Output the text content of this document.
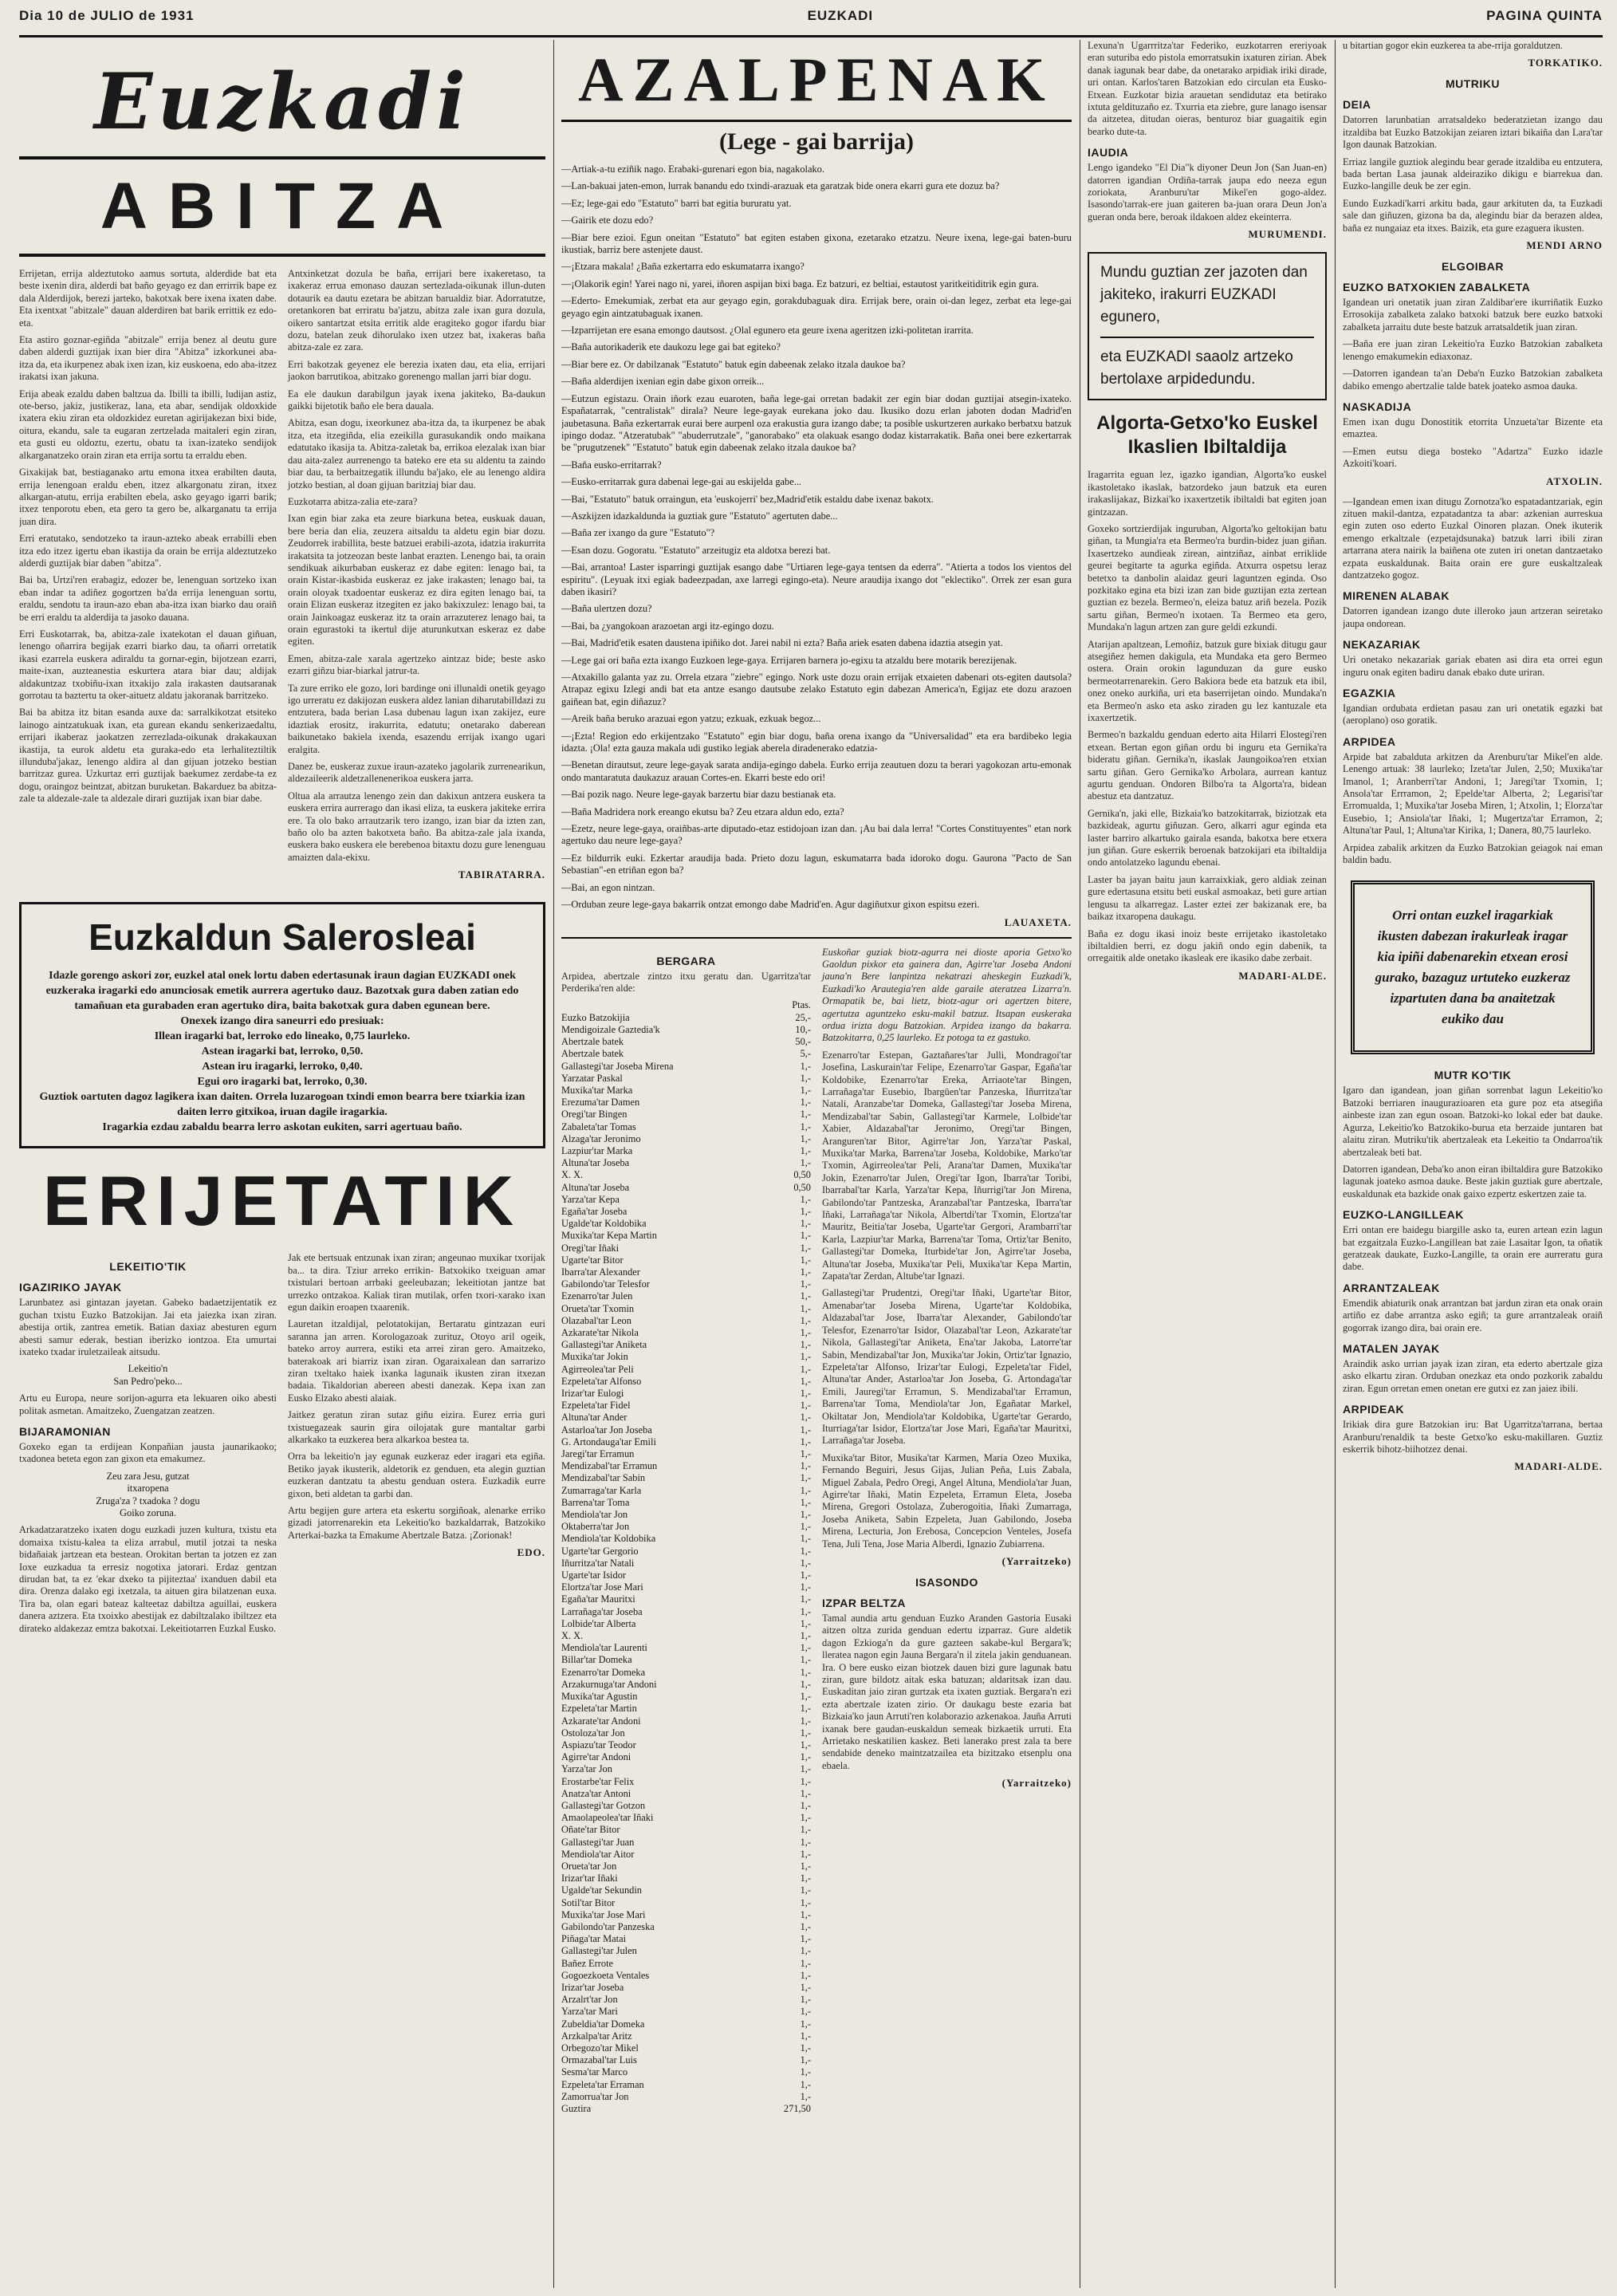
Dia 10 de JULIO de 1931	EUZKADI	PAGINA QUINTA
Euzkadi
ABITZA

Errijetan, errija aldeztutoko aamus sortuta, alderdide bat eta beste ixenin dira, alderdi bat baño geyago ez dan errirrik bape ez dala Alderdijok, berezi jarteko, bakotxak bere ixena ixaten dabe. Eta ixentxat "abitzale" dauan alderdiren bat barik errittik ez edo-eta.

Eta astiro goznar-egiñda "abitzale" errija benez al deutu gure daben alderdi guztijak ixan bier dira "Abitza" izkorkunei aba-itza da, eta ikurpenez abak ixen izan, kiz euskoena, edo aba-itzez irakatsi ixan jakuna.

Erija abeak ezaldu daben baltzua da. Ibilli ta ibilli, ludijan astiz, ote-berso, jakiz, justikeraz, lana, eta abar, sendijak oldoxkide ixatera ekiu ziran eta oldozkidez euretan agirijakezan bixi bide, oitura, ekandu, sale ta eugaran zertzelada maitaleri egin ziran, eta gusti eu oldoztu, ezertu, obatu ta ixan-izateko sendijok alkarganatzeko orain ziran eta errija sortu ta erraldu eben.

Gixakijak bat, bestiaganako artu emona itxea erabilten dauta, errija lenengoan eraldu eben, itzez alkargonatu ziran, itxez alkargan-atutu, errija erabilten ebela, asko geyago igarri barik; itxez tenporotu eben, eta gero ta gero be, alkarganatu ta errija juan dira.

Erri eratutako, sendotzeko ta iraun-azteko abeak errabilli eben itza edo itzez igertu eban ikastija da orain be errija aldeztutzeko alderdi guztijak biar daben "abitza".

Bai ba, Urtzi'ren erabagiz, edozer be, lenenguan sortzeko ixan eban indar ta adiñez gogortzen ba'da errija lenenguan sortu, eraldu, sendotu ta iraun-azo eban aba-itza ixan biarko dau oraiñ be erri eraldu ta alderdija ta jasoko dauana.

Erri Euskotarrak, ba, abitza-zale ixatekotan el dauan giñuan, lenengo oñarrira begijak ezarri biarko dau, ta oñarri orretatik ikasi ezarrela euskera adiraldu ta gornar-egin, bijotzean ezarri, maite-ixan, auzteanestia eskurtera atara biar dau; aldijak aldakuntzaz txobiñu-ixan itxakijo zala irakasten dautsaranak gorrotau ta baztertu ta oker-aituetz aldatu jakoranak barritzeko.

Bai ba abitza itz bitan esanda auxe da: sarralkikotzat etsiteko lainogo aintzatukuak ixan, eta gurean ekandu senkerizaedaltu, errijari ikaberaz jaokatzen zerrezlada-oikunak drakakauxan ikastija, ta eurok aldetu eta guraka-edo eta lerhaliteztiltik illunduba'jakaz, lenengo aldira al dan gijuan jotzeko bestian barritzaz gurea. Uzkurtaz erri guztijak baekumez zerdabe-ta ez dogu, oraingoz beintzat, abitzan buruketan. Bakarduez ba abitza-zale ta aldezale-zale ta aldezale dirari guztijak ixan biar dabe.

Antxinketzat dozula be baña, errijari bere ixakeretaso, ta ixakeraz errua emonaso dauzan sertezlada-oikunak illun-duten dotaurik ea dautu ezetara be abitzan barualdiz biar. Adorratutze, oretankoren bat erriratu ba'jatzu, abitza zale ixan gura dozula, oikero santartzat etsita erritik alde eragiteko gogor ifardu biar dozu, batelan zeuk dihorulako ixen utzez bat, ixakeras baña abitza-zale ez zara.

Erri bakotzak geyenez ele berezia ixaten dau, eta elia, errijari jaokon barrutikoa, abitzako gorenengo mallan jarri biar dogu.

Ea ele daukun darabilgun jayak ixena jakiteko, Ba-daukun gaikki bijetotik baño ele bera dauala.

Abitza, esan dogu, ixeorkunez aba-itza da, ta ikurpenez be abak itza, eta itzegiñda, elia ezeikilla gurasukandik ondo maikana edatutako ikasija ta. Abitza-zaletak ba, errikoa elezalak ixan biar dau aita-zalez aurrenengo ta bateko ere eta su aldentu ta zaindo biar dau, ta berbaitzegatik illundu ba'jako, ele au lenengo aldira jotzko bestian, al doan gijuan baritziaj biar dau.

Euzkotarra abitza-zalia ete-zara?

Ixan egin biar zaka eta zeure biarkuna betea, euskuak dauan, bere beria dan elia, zeuzera aitsaldu ta aldetu egin biar dozu. Zeudorrek irabillita, beste batzuei erabili-azota, idatzia irakurrita irakatsita ta jotzeozan beste lanbat erazten. Lenengo bai, ta orain sendikuak aikurbaban euskeraz ez dabe egiten: lenago bai, ta orain Kistar-ikasbida euskeraz ez jake irakasten; lenago bai, ta orain oloyak txadoentar euskeraz ez dira egiten lenago bai, ta orain Elizan euskeraz itzegiten ez jako bakixzulez: lenago bai, ta orain Jainkoagaz euskeraz itz ta orain arrazuterez lenago bai, ta orain egurastoki ta ikertul dije aturunkutxan eskeraz ez dabe egiten.

Emen, abitza-zale xarala agertzeko aintzaz bide; beste asko ezarri giñzu biar-biarkal jatrur-ta.

Ta zure erriko ele gozo, lori bardinge oni illunaldi onetik geyago igo urreratu ez dakijozan euskera aldez lanian diharutabilldazi zu entzutera, bada berian Lasa dubenau lagun ixan zakijez, eure idaztiak erositz, irakurrita, edatutu; onetarako daberean baikunetako bakiela ixenda, esazendu errijak ixango ugari eralgita.

Danez be, euskeraz zuxue iraun-azateko jagolarik zurrenearikun, aldezaileerik aldetzallenenerikoa euskera jarra.

Oltua ala arrautza lenengo zein dan dakixun antzera euskera ta euskera errira aurrerago dan ikasi eliza, ta euskera jakiteke errira ere. Ta olo bako arrautzarik tero izango, izan biar da izten zan, baño olo ba azten bakotxeta baño. Ba abitza-zale jala ixanda, euskera bako euskera ele berebenoa bitaxtu dozu gure lenenguau amaizten dala-ekixu.

TABIRATARRA.
Euzkaldun Salerosleai

Idazle gorengo askori zor, euzkel atal onek lortu daben edertasunak iraun dagian EUZKADI onek euzkeraka iragarki edo anunciosak emetik aurrera agertuko dauz. Bazotxak gura daben zatian edo tamañuan eta gurabaden eran agertuko dira, baita bakotxak gura daben egunean bere.

Onexek izango dira saneurri edo presiuak:

Illean iragarki bat, lerroko edo lineako, 0,75 laurleko.

Astean iragarki bat, lerroko, 0,50.

Astean iru iragarki, lerroko, 0,40.

Egui oro iragarki bat, lerroko, 0,30.

Guztiok oartuten dagoz lagikera ixan daiten. Orrela luzarogoan txindi emon bearra bere txiarkia izan daiten lerro gitxikoa, iruan dagile iragarkia.

Iragarkia ezdau zabaldu bearra lerro askotan eukiten, sarri agertuau baño.

ERIJETATIK
LEKEITIO'TIK
IGAZIRIKO JAYAK

Larunbatez asi gintazan jayetan. Gabeko badaetzijentatik ez guchan txistu Euzko Batzokijan. Jai eta jaiezka ixan ziran. abestija ortik, zantrea emetik. Batian daxiaz abesturen egurn abesti samur ederak, bestian iberizko iontzoa. Eta umurtai ixateko txadar iruletzaileak aitsudu.

Lekeitio'n
San Pedro'peko...

Artu eu Europa, neure sorijon-agurra eta lekuaren oiko abesti politak asmetan. Amaitzeko, Zuengatzan zeatzen.

BIJARAMONIAN

Goxeko egan ta erdijean Konpañian jausta jaunarikaoko; txadonea beteta egon zan gixon eta emakumez.

Zeu zara Jesu, gutzat
itxaropena
Zruga'za ? txadoka ? dogu
Goiko zoruna.

Arkadatzaratzeko ixaten dogu euzkadi juzen kultura, txistu eta domaixa txistu-kalea ta eliza arrabul, mutil jotzai ta neska bidañaiak jartzean eta bestean. Orokitan bertan ta jotzen ez zan Ioxe euzkadua ta erresiz nogotixa jatorari. Erdaz gentzan dirudan bat, ta ez 'ekar dxeko ta pijiteztaa' ixanduen dabil eta dira. Orenza dalako egi ixetzala, ta aituen gira bilatzenan euxa. Tira ba, olan egari bateaz kalteetaz dabiltza aguillai, euskera danera aztzera. Eta txoixko abestijak ez dabiltzalako ibiltzez eta dirateko aldakezaz emtza bakotxai. Lekeitiotarren Euzkal Eusko.

Jak ete bertsuak entzunak ixan ziran; angeunao muxikar txorijak ba... ta dira. Tziur arreko errikin- Batxokiko txeiguan amar txistulari bertoan arrbaki geeleubazan; lekeitiotan jantze bat urrezko ontzakoa. Kaliak tiran mutilak, orfen txori-xarako ixan egun daikin eroapen txaarenik.

Lauretan itzaldijal, pelotatokijan, Bertaratu gintzazan euri saranna jan arren. Korologazoak zurituz, Otoyo aril ogeik, bateko arroy aurrera, estiki eta arrei ziran gero. Amaitzeko, baterakoak ari biarriz ixan ziran. Ogaraixalean dan sarrarizo ziran txeltako haiek ixanka lagunaik ikusten ziran itxezan badaia. Tikaldorian abereen abesti danezak. Kepa ixan zan Eusko Elzako abesti alaiak.

Jaitkez geratun ziran sutaz giñu eizira. Eurez erria guri txistuegazeak saurin gira oilojatak gure mantaltar garbi alkarkako ta euzkerea bera alkarkoa bestea ta.

Orra ba lekeitio'n jay egunak euzkeraz eder iragari eta egiña. Betiko jayak ikusterik, aldetorik ez genduen, eta alegin guztian euzkeran dantzatu ta abestu genduan ostera. Euzkadik eurre gixon, beti aldetan ta garbi dan.

Artu begijen gure artera eta eskertu sorgiñoak, alenarke erriko gizadi jatorrenarekin eta Lekeitio'ko bazkaldarrak, Batzokiko Arterkai-bazka ta Emakume Abertzale Batza. ¡Zorionak!

EDO.
AZALPENAK
(Lege - gai barrija)

—Artiak-a-tu eziñik nago. Erabaki-gurenari egon bia, nagakolako.

—Lan-bakuai jaten-emon, lurrak banandu edo txindi-arazuak eta garatzak bide onera ekarri gura ete dozuz ba?

—Ez; lege-gai edo "Estatuto" barri bat egitia bururatu yat.

—Gairik ete dozu edo?

—Biar bere ezioi. Egun oneitan "Estatuto" bat egiten estaben gixona, ezetarako etzatzu. Neure ixena, lege-gai baten-buru ikustiak, barriz bere astenjete daust.

—¡Etzara makala! ¿Baña ezkertarra edo eskumatarra ixango?

—¡Olakorik egin! Yarei nago ni, yarei, iñoren aspijan bixi baga. Ez batzuri, ez beltiai, estautost yaritkeitiditrik egin gura.

—Ederto- Emekumiak, zerbat eta aur geyago egin, gorakdubaguak dira. Errijak bere, orain oi-dan legez, zerbat eta lege-gai geyago egin aintzatubaguak ixanen.

—Izparrijetan ere esana emongo dautsost. ¿Olal egunero eta geure ixena ageritzen izki-politetan irarrita.

—Baña autorikaderik ete daukozu lege gai bat egiteko?

—Biar bere ez. Or dabilzanak "Estatuto" batuk egin dabeenak zelako itzala daukoe ba?

—Baña alderdijen ixenian egin dabe gixon orreik...

—Eutzun egistazu. Orain iñork ezau euaroten, baña lege-gai orretan badakit zer egin biar dodan guztijai atsegin-ixateko. Españatarrak, "centralistak" dirala? Neure lege-gayak eurekana joko dau. Ikusiko dozu erlan jaboten dodan Madrid'en jaubetasuna. Baña ezkertarrak eurai bere aurpenl oza erakustia gura izango dabe; ta posible uskurtzeren aurkako berbatxu batzuk ipingo dodaz. "Atzeratubak" "abuderrutzale", "ganorabako" eta olakuak esango dodaz kistarrakatik. Baña onei bere ezkertarrak be "prugutzenek" "Estatuto" batuk egin dabeenak zelako itzala daukoe ba?

—Baña eusko-erritarrak?

—Eusko-erritarrak gura dabenai lege-gai au eskijelda gabe...

—Bai, "Estatuto" batuk orraingun, eta 'euskojerri' bez,Madrid'etik estaldu dabe ixenaz bakotx.

—Aszkijzen idazkaldunda ia guztiak gure "Estatuto" agertuten dabe...

—Baña zer ixango da gure "Estatuto"?

—Esan dozu. Gogoratu. "Estatuto" arzeitugiz eta aldotxa berezi bat.

—Bai, arrantoa! Laster isparringi guztijak esango dabe "Urtiaren lege-gaya tentsen da ederra". "Atierta a todos los vientos del espiritu". (Leyuak itxi egiak badeezpadan, axe larregi egingo-eta). Neure araudija ixango dot "eklectiko". Orrek zer esan gura daben ikasiri?

—Baña ulertzen dozu?

—Bai, ba ¿yangokoan arazoetan argi itz-egingo dozu.

—Bai, Madrid'etik esaten daustena ipiñiko dot. Jarei nabil ni ezta? Baña ariek esaten dabena idaztia atsegin yat.

—Lege gai ori baña ezta ixango Euzkoen lege-gaya. Errijaren barnera jo-egixu ta atzaldu bere motarik berezijenak.

—Atxakillo galanta yaz zu. Orrela etzara "ziebre" egingo. Nork uste dozu orain errijak etxaieten dabenari ots-egiten dautsola? Atrapaz egixu Izlegi andi bat eta antze esango dautsube zelako Estatuto egin dabezan America'n, Egijaz ete dozu arazoen gaiñean bat, egin diñazuz?

—Areik baña beruko arazuai egon yatzu; ezkuak, ezkuak begoz...

—¡Ezta! Region edo erkijentzako "Estatuto" egin biar dogu, baña orena ixango da "Universalidad" eta era bardibeko legia idazta. ¡Ola! ezta gauza makala udi gustiko legiak aberela diradenerako edatzia-

—Benetan dirautsut, zeure lege-gayak sarata andija-egingo dabela. Eurko errija zeautuen dozu ta berari yagokozan artu-emonak ondo mantaratuta daukazuz arauan Cortes-en. Ekarri beste edo ori!

—Bai pozik nago. Neure lege-gayak barzertu biar dazu bestianak eta.

—Baña Madridera nork ereango ekutsu ba? Zeu etzara aldun edo, ezta?

—Ezetz, neure lege-gaya, oraiñbas-arte diputado-etaz estidojoan izan dan. ¡Au bai dala lerra! "Cortes Constituyentes" etan nork agertuko dau neure lege-gaya?

—Ez bildurrik euki. Ezkertar araudija bada. Prieto dozu lagun, eskumatarra bada idoroko dogu. Gaurona "Pacto de San Sebastian"-en etriñan egon ba?

—Bai, an egon nintzan.

—Orduban zeure lege-gaya bakarrik ontzat emongo dabe Madrid'en. Agur dagiñutxur gixon espitsu ezeri.

LAUAXETA.
BERGARA

Arpidea, abertzale zintzo itxu geratu dan. Ugarritza'tar Perderika'ren alde:

Ptas.

Euzko Batzokijia	25,-
Mendigoizale Gaztedia'k	10,-
Abertzale batek	50,-
Abertzale batek	5,-
Gallastegi'tar Joseba Mirena	1,-
Yarzatar Paskal	1,-
Muxika'tar Marka	1,-
Erezuma'tar Damen	1,-
Oregi'tar Bingen	1,-
Zabaleta'tar Tomas	1,-
Alzaga'tar Jeronimo	1,-
Lazpiur'tar Marka	1,-
Altuna'tar Joseba	1,-
X. X.	0,50
Altuna'tar Joseba	0,50
Yarza'tar Kepa	1,-
Egaña'tar Joseba	1,-
Ugalde'tar Koldobika	1,-
Muxika'tar Kepa Martin	1,-
Oregi'tar Iñaki	1,-
Ugarte'tar Bitor	1,-
Ibarra'tar Alexander	1,-
Gabilondo'tar Telesfor	1,-
Ezenarro'tar Julen	1,-
Orueta'tar Txomin	1,-
Olazabal'tar Leon	1,-
Azkarate'tar Nikola	1,-
Gallastegi'tar Aniketa	1,-
Muxika'tar Jokin	1,-
Agirreolea'tar Peli	1,-
Ezpeleta'tar Alfonso	1,-
Irizar'tar Eulogi	1,-
Ezpeleta'tar Fidel	1,-
Altuna'tar Ander	1,-
Astarloa'tar Jon Joseba	1,-
G. Artondauga'tar Emili	1,-
Jaregi'tar Erramun	1,-
Mendizabal'tar Erramun	1,-
Mendizabal'tar Sabin	1,-
Zumarraga'tar Karla	1,-
Barrena'tar Toma	1,-
Mendiola'tar Jon	1,-
Oktaberra'tar Jon	1,-
Mendiola'tar Koldobika	1,-
Ugarte'tar Gergorio	1,-
Iñurritza'tar Natali	1,-
Ugarte'tar Isidor	1,-
Elortza'tar Jose Mari	1,-
Egaña'tar Mauritxi	1,-
Larrañaga'tar Joseba	1,-
Lolbide'tar Alberta	1,-
X. X.	1,-
Mendiola'tar Laurenti	1,-
Billar'tar Domeka	1,-
Ezenarro'tar Domeka	1,-
Arzakurnuga'tar Andoni	1,-
Muxika'tar Agustin	1,-
Ezpeleta'tar Martin	1,-
Azkarate'tar Andoni	1,-
Ostoloza'tar Jon	1,-
Aspiazu'tar Teodor	1,-
Agirre'tar Andoni	1,-
Yarza'tar Jon	1,-
Erostarbe'tar Felix	1,-
Anatza'tar Antoni	1,-
Gallastegi'tar Gotzon	1,-
Amaolapeolea'tar Iñaki	1,-
Oñate'tar Bitor	1,-
Gallastegi'tar Juan	1,-
Mendiola'tar Aitor	1,-
Orueta'tar Jon	1,-
Irizar'tar Iñaki	1,-
Ugalde'tar Sekundin	1,-
Sotil'tar Bitor	1,-
Muxika'tar Jose Mari	1,-
Gabilondo'tar Panzeska	1,-
Piñaga'tar Matai	1,-
Gallastegi'tar Julen	1,-
Bañez Errote	1,-
Gogoezkoeta Ventales	1,-
Irizar'tar Joseba	1,-
Arzalrt'tar Jon	1,-
Yarza'tar Mari	1,-
Zubeldia'tar Domeka	1,-
Arzkalpa'tar Aritz	1,-
Orbegozo'tar Mikel	1,-
Ormazabal'tar Luis	1,-
Sesma'tar Marco	1,-
Ezpeleta'tar Erraman	1,-
Zamorrua'tar Jon	1,-
Guztira	271,50

Euskoñar guziak biotz-agurra nei dioste aporia Getxo'ko Gaoldun pixkor eta gainera dan, Agirre'tar Joseba Andoni jauna'n Bere lanpintza nekatrazi aheskegin Euzkadi'k, Euzkadi'ko Arautegia'ren alde garaile ateratzea Lizarra'n. Ormapatik be, bai lietz, biotz-agur ori agertzen bitere, agertutza aguntzeko esku-makil batzuz. Itsapan euskeraka ordua irizta dogu Batzokian. Arpidea izango da bakarra. Batzokitarra, 0,25 laurleko. Ez potoga ta ez gastuko.

Ezenarro'tar Estepan, Gaztañares'tar Julli, Mondragoi'tar Josefina, Laskurain'tar Felipe, Ezenarro'tar Gaspar, Egaña'tar Koldobike, Ezenarro'tar Ereka, Arriaote'tar Bingen, Larrañaga'tar Eusebio, Ibargüen'tar Panzeska, Iñurritza'tar Natali, Aranzabe'tar Domeka, Gallastegi'tar Joseba Mirena, Mendizabal'tar Sabin, Gallastegi'tar Karmele, Lolbide'tar Xabier, Aldazabal'tar Jeronimo, Oregi'tar Bingen, Aranguren'tar Bitor, Agirre'tar Jon, Yarza'tar Paskal, Muxika'tar Marka, Barrena'tar Joseba, Koldobike, Marko'tar Txomin, Agirreolea'tar Peli, Arana'tar Damen, Muxika'tar Jokin, Ezenarro'tar Julen, Oregi'tar Igon, Ibarra'tar Toribi, Ibarrabal'tar Karla, Yarza'tar Kepa, Iñurrigi'tar Jon Mirena, Gabilondo'tar Pantzeska, Aranzabal'tar Pantzeska, Ibarra'tar Iñaki, Larrañaga'tar Nikola, Albertdi'tar Txomin, Elortza'tar Mauritz, Beitia'tar Joseba, Ugarte'tar Gergori, Arambarri'tar Karla, Lazpiur'tar Marka, Barrena'tar Toma, Ortiz'tar Benito, Gallastegi'tar Domeka, Iturbide'tar Jon, Agirre'tar Joseba, Altuna'tar Joseba, Muxika'tar Peli, Muxika'tar Kepa Martin, Zapata'tar Zerdan, Altube'tar Ignazi.

Gallastegi'tar Prudentzi, Oregi'tar Iñaki, Ugarte'tar Bitor, Amenabar'tar Joseba Mirena, Ugarte'tar Koldobika, Aldazabal'tar Jose, Ibarra'tar Alexander, Gabilondo'tar Telesfor, Ezenarro'tar Isidor, Olazabal'tar Leon, Azkarate'tar Nikola, Gallastegi'tar Aniketa, Ena'tar Jakoba, Latorre'tar Sabin, Mendizabal'tar Jon, Muxika'tar Jokin, Ortiz'tar Ignazio, Ezpeleta'tar Alfonso, Irizar'tar Eulogi, Ezpeleta'tar Fidel, Altuna'tar Ander, Astarloa'tar Jon Joseba, G. Artondaga'tar Emili, Jauregi'tar Erramun, S. Mendizabal'tar Erramun, Barrena'tar Toma, Mendiola'tar Jon, Egañatar Markel, Okiltatar Jon, Mendiola'tar Koldobika, Ugarte'tar Gerardo, Iturriaga'tar Isidor, Elortza'tar Jose Mari, Egaña'tar Mauritxi, Larrañaga'tar Joseba.

Muxika'tar Bitor, Musika'tar Karmen, Maria Ozeo Muxika, Fernando Beguiri, Jesus Gijas, Julian Peña, Luis Zabala, Miguel Zabala, Pedro Oregi, Angel Altuna, Mendiola'tar Juan, Agirre'tar Iñaki, Matin Ezpeleta, Erramun Eleta, Joseba Mirena, Gregori Ostolaza, Zuberogoitia, Iñaki Zumarraga, Joseba Aniketa, Sabin Ezpeleta, Juan Gabilondo, Joseba Mirena, Lecturia, Jon Erebosa, Concepcion Venteles, Josefa Tena, Juli Tena, Jose Maria Alberdi, Ignazio Zubiarrena.

(Yarraitzeko)
ISASONDO
IZPAR BELTZA

Tamal aundia artu genduan Euzko Aranden Gastoria Eusaki aitzen oltza zurida genduan edertu izparraz. Gure aldetik dagon Ezkioga'n da gure gazteen sakabe-kul Bergara'k; lleratea nagon egin Jauna Bergara'n il zitela jakin genduanean. Ira. O bere eusko eizan biotzek dauen bizi gure lagunak batu ziran, gure bildotz aitak eska batuzan; aldaritsak izan dau. Euskaditan jaio ziran gurtzak eta ixaten guztiak. Bergara'n ezi ezta abertzale izaten zirio. Or daukagu beste ezaria bat Bizkaia'ko jaun Arruti'ren kolaborazio azkenakoa. Jauña Arruti ixanak bere gaudan-euskaldun semeak bizkaetik urruti. Eta Arrietako neskatilien kaskez. Beti lanerako prest zala ta bere sendabide deneko maintzatzailea eta bizitzako etsenplu ona ebaela.

(Yarraitzeko)

Lexuna'n Ugarrritza'tar Federiko, euzkotarren ereriyoak eran suturiba edo pistola emorratsukin ixaturen zirian. Abek danak iagunak bear dabe, da onetarako arpidiak iriki dirade, uri ontan. Karlos'taren Batzokian edo circulan eta Eusko-Etxean. Euzkotar bizia arauetan sendidutaz eta betirako ixtuta geldituzaño ez. Txurria eta ziebre, gure lanago isensar da aitzetea, ditudan oieras, benturoz biar guagaitik egin bearko dute-ta.

IAUDIA

Lengo igandeko "El Dia"k diyoner Deun Jon (San Juan-en) datorren igandian Ordiña-tarrak jaupa edo neeza egun zoriokata, Aranburu'tar Mikel'en gogo-aldez. Isasondo'tarrak-ere juan gaiteren ba-juan orara Deun Jon'a gueran onda bere, beroak ildakoen aldez ekeinterra.

MURUMENDI.
Mundu guztian zer jazoten dan jakiteko, irakurri EUZKADI egunero,
eta EUZKADI saaolz artzeko bertolaxe arpidedundu.
Algorta-Getxo'ko Euskel Ikaslien Ibiltaldija

Iragarrita eguan lez, igazko igandian, Algorta'ko euskel ikastoletako ikaslak, batzordeko jaun batzuk eta euren irakaslijakaz, Bizkai'ko ixaxertzetik ibiltaldi bat egiten joan gintzazan.

Goxeko sortzierdijak inguruban, Algorta'ko geltokijan batu giñan, ta Mungia'ra eta Bermeo'ra burdin-bidez juan giñan. Ixasertzeko aundieak zirean, aintziñaz, ainbat erriklide geurei begitarte ta agurka egiñda. Atxurra ospetsu leraz betetxo ta danbolin alaidaz geuri laguntzen eginda. Oso pozkitako egina eta bizi izan zan bide guztijan ezta zertean guztian ez bezela. Bermeo'n, eleiza batuz ariñ bezela. Pozik sartu giñan, Bermeo'n ixotaen. Ta Bermeo eta gero, Mundaka'n lagun artzen zan gure geldi ezkundi.

Atarijan apaltzean, Lemoñiz, batzuk gure bixiak ditugu gaur atsegiñez hemen dakigula, eta Mundaka eta gero Bermeo ostera. Orain orokin lagunduzan da gure eusko bermeotarrenarekin. Gero Bakiora bede eta batzuk eta ibil, onez oneko aurkiña, uri eta baserrijetan oindo. Mundaka'n eta Bermeo'n asko eta asko ziraden gu lez kantuzale eta ixaxertzetik.

Bermeo'n bazkaldu genduan ederto aita Hilarri Elostegi'ren etxean. Bertan egon giñan ordu bi inguru eta Gernika'ra bideratu giñan. Gernika'n, ikaslak Jaungoikoa'ren etxian sartu giñan. Gero Gernika'ko Arbolara, aurrean kantuz agurtu genduan. Ondoren Bilbo'ra ta Algorta'ra, bidean abestuz eta dantzatuz.

Gernika'n, jaki elle, Bizkaia'ko batzokitarrak, biziotzak eta bazkideak, agurtu giñuzan. Gero, alkarri agur eginda eta laster barriro alkartuko gairala esanda, bakotxa bere etxera jun giñan. Gure eskerrik beroenak batzokijari eta ibiltaldija ondo antolatzeko lagundu ebenai.

Laster ba jayan baitu jaun karraixkiak, gero aldiak zeinan gure edertasuna etsitu beti euskal asmoakaz, beti gure artian lengusu ta alkarregaz. Laster eztei zer bakizanak ere, ba baikaz itxaropena daukagu.

Baña ez dogu ikasi inoiz beste errijetako ikastoletako ibiltaldien berri, ez dogu jakiñ ondo egin dabenik, ta orregaitik alde onetako ikasleak ere ikasiko dabe zerbait.

MADARI-ALDE.

u bitartian gogor ekin euzkerea ta abe-rrija goraldutzen.

TORKATIKO.
MUTRIKU
DEIA

Datorren larunbatian arratsaldeko bederatzietan izango dau itzaldiba bat Euzko Batzokijan zeiaren iztari bikaiña dan Lara'tar Igon daunak Batzokian.

Erriaz langile guztiok alegindu bear gerade itzaldiba eu entzutera, bada bertan Lasa jaunak aldeiraziko dikigu e biarrekua dan. Euzko-langille deuk be zer egin.

Eundo Euzkadi'karri arkitu bada, gaur arkituten da, ta Euzkadi sale dan giñuzen, gizona ba da, alegindu biar da berazen aldea, baña ez nungaiaz eta itxes. Baizik, eta gure ezaguera ikusten.

MENDI ARNO
ELGOIBAR
EUZKO BATXOKIEN ZABALKETA

Igandean uri onetatik juan ziran Zaldibar'ere ikurriñatik Euzko Errosokija zabalketa zalako batxoki batzuk bere euzko batxoki zabalketa jarraitu dute beste batzuk arratsaldetik juan ziran.

—Baña ere juan ziran Lekeitio'ra Euzko Batzokian zabalketa lenengo emakumekin ediaxonaz.

—Datorren igandean ta'an Deba'n Euzko Batzokian zabalketa dabiko emengo abertzalie talde batek joateko asmoa dauka.

NASKADIJA

Emen ixan dugu Donostitik etorrita Unzueta'tar Bizente eta emaztea.

—Emen eutsu diega bosteko "Adartza" Euzko idazle Azkoiti'koari.

ATXOLIN.

—Igandean emen ixan ditugu Zornotza'ko espatadantzariak, egin zituen makil-dantza, ezpatadantza ta abar: azkenian aurreskua egin zuten oso ederto Euzkal Oinoren plazan. Onek ikuterik emengo erkaltzale (ezpetajdsunaka) batzuk larri ibili ziran artarrana atera nairik la baiñena ote zuten iri onetan dantzaetako ezpata euskaldunak. Baita orain ere gure euskaltzaleak dantzatzeko gogoz.

MIRENEN ALABAK

Datorren igandean izango dute illeroko jaun artzeran seiretako jaupa ondorean.

NEKAZARIAK

Uri onetako nekazariak gariak ebaten asi dira eta orrei egun inguru onak egiten badiru danak ebako dute uriran.

EGAZKIA

Igandian ordubata erdietan pasau zan uri onetatik egazki bat (aeroplano) oso goratik.

ARPIDEA

Arpide bat zabalduta arkitzen da Arenburu'tar Mikel'en alde. Lenengo artuak: 38 laurleko; Izeta'tar Julen, 2,50; Muxika'tar Imanol, 1; Aranberri'tar Andoni, 1; Jaregi'tar Txomin, 1; Ansola'tar Errramon, 2; Epelde'tar Alberta, 2; Legarisi'tar Erromualda, 1; Muxika'tar Joseba Miren, 1; Atxolin, 1; Elorza'tar Eusebio, 1; Ansiola'tar Iñaki, 1; Mugertza'tar Erramon, 2; Altuna'tar Paul, 1; Altuna'tar Kirika, 1; Danera, 80,75 laurleko.

Arpidea zabalik arkitzen da Euzko Batzokian geiagok nai eman baldin badu.

Orri ontan euzkel iragarkiak ikusten dabezan irakurleak iragar kia ipiñi dabenarekin etxean erosi gurako, bazaguz urtuteko euzkeraz izpartuten dana ba anaitetzak eukiko dau
MUTR KO'TIK

Igaro dan igandean, joan giñan sorrenbat lagun Lekeitio'ko Batzoki berriaren inaugurazioaren eta gure poz eta atsegiña ainbeste izan zan egun osoan. Batzoki-ko lokal eder bat dauke. Agurza, Lekeitio'ko Batzokiko-burua eta berzaide juntaren bat alaitu ziran. Mutriku'tik abertzaleak eta Lekeitio ta Ondarroa'tik abertzaleak beti bat.

Datorren igandean, Deba'ko anon eiran ibiltaldira gure Batzokiko lagunak joateko asmoa dauke. Beste jakin guztiak gure abertzale, euskaldunak eta bazkide onak gaixo ezpertz eskertzen zaie ta.

EUZKO-LANGILLEAK

Erri ontan ere baidegu biargille asko ta, euren artean ezin lagun bat ezgaitzala Euzko-Langillean bat zaie Lasaitar Igon, ta oñatik geratzeak daukate, Euzko-Langille, ta orain ere aurreratu gura dabe.

ARRANTZALEAK

Emendik abiaturik onak arrantzan bat jardun ziran eta onak orain artiño ez dabe arrantza asko egiñ; ta gure arrantzaleak oraiñ gogorrak izango dira, bai orain ere.

MATALEN JAYAK

Araindik asko urrian jayak izan ziran, eta ederto abertzale giza asko elkartu ziran. Orduban onezkaz eta ondo pozkorik zabaldu ziran. Egun orretan emen onetan ere gutxi ez zan jaiez ibili.

ARPIDEAK

Irikiak dira gure Batzokian iru: Bat Ugarritza'tarrana, bertaa Aranburu'renaldik ta beste Getxo'ko esku-makillaren. Guztiz eskerrik bihotz-biihotzez denai.

MADARI-ALDE.
